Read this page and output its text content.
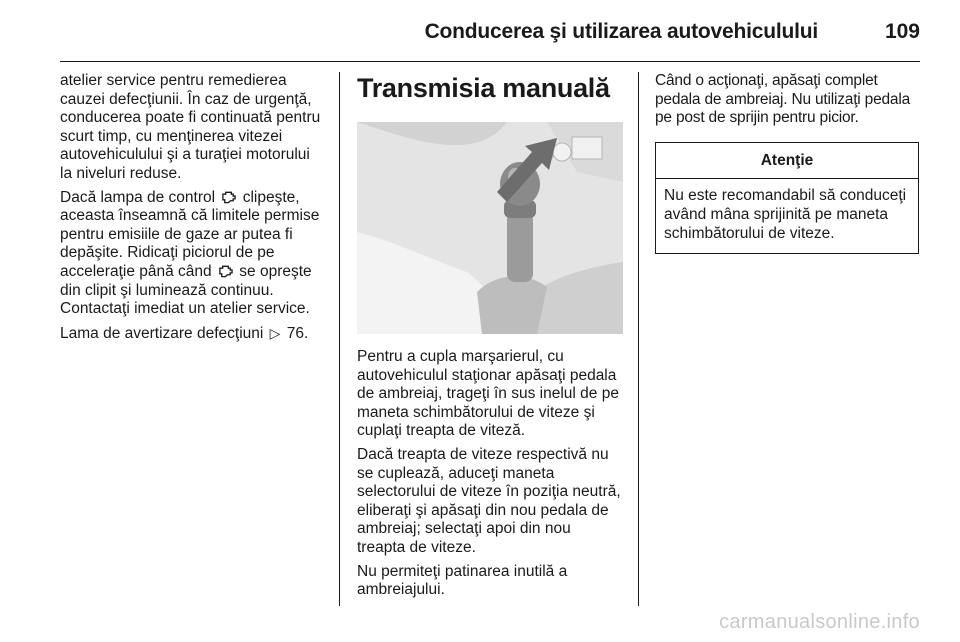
Conducerea şi utilizarea autovehiculului	109

atelier service pentru remedierea cauzei defecţiunii. În caz de urgenţă, conducerea poate fi continuată pentru scurt timp, cu menţinerea vitezei autovehiculului şi a turaţiei motorului la niveluri reduse.

Dacă lampa de control clipeşte, aceasta înseamnă că limitele permise pentru emisiile de gaze ar putea fi depăşite. Ridicaţi piciorul de pe acceleraţie până când se opreşte din clipit şi luminează continuu. Contactaţi imediat un atelier service.

Lama de avertizare defecţiuni ▷ 76.

Transmisia manuală

Pentru a cupla marşarierul, cu autovehiculul staţionar apăsaţi pedala de ambreiaj, trageţi în sus inelul de pe maneta schimbătorului de viteze şi cuplaţi treapta de viteză.

Dacă treapta de viteze respectivă nu se cuplează, aduceţi maneta selectorului de viteze în poziţia neutră, eliberaţi şi apăsaţi din nou pedala de ambreiaj; selectaţi apoi din nou treapta de viteze.

Nu permiteţi patinarea inutilă a ambreiajului.

Când o acţionaţi, apăsaţi complet pedala de ambreiaj. Nu utilizaţi pedala pe post de sprijin pentru picior.

Atenţie
Nu este recomandabil să conduceţi având mâna sprijinită pe maneta schimbătorului de viteze.
carmanualsonline.info
